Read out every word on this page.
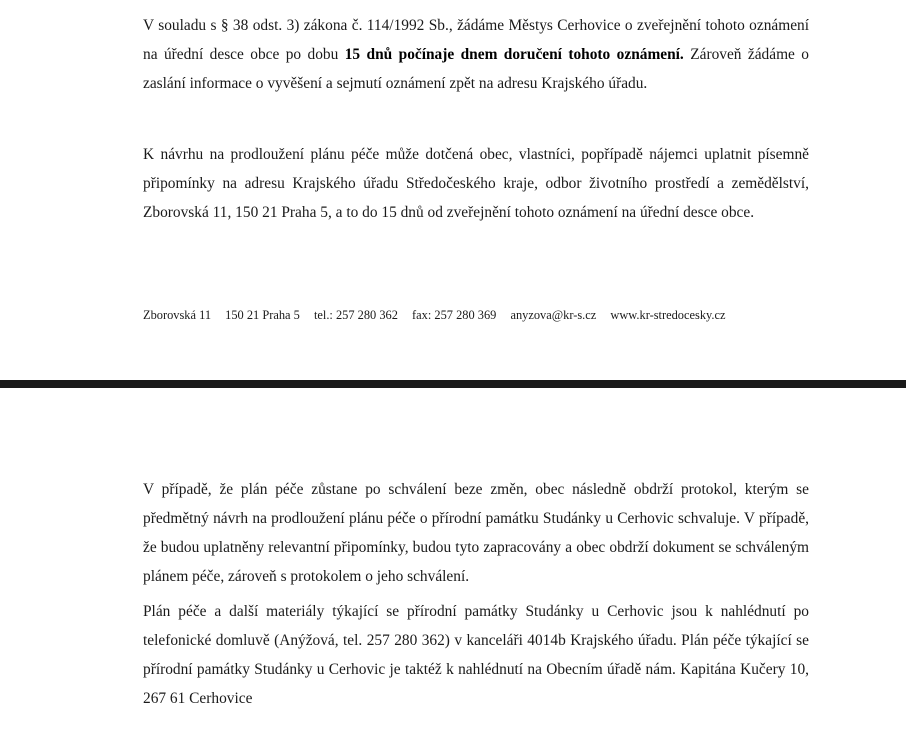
V souladu s § 38 odst. 3) zákona č. 114/1992 Sb., žádáme Městys Cerhovice o zveřejnění tohoto oznámení na úřední desce obce po dobu 15 dnů počínaje dnem doručení tohoto oznámení. Zároveň žádáme o zaslání informace o vyvěšení a sejmutí oznámení zpět na adresu Krajského úřadu.

K návrhu na prodloužení plánu péče může dotčená obec, vlastníci, popřípadě nájemci uplatnit písemně připomínky na adresu Krajského úřadu Středočeského kraje, odbor životního prostředí a zemědělství, Zborovská 11, 150 21 Praha 5, a to do 15 dnů od zveřejnění tohoto oznámení na úřední desce obce.

Zborovská 11 150 21 Praha 5 tel.: 257 280 362 fax: 257 280 369 anyzova@kr-s.cz www.kr-stredocesky.cz

V případě, že plán péče zůstane po schválení beze změn, obec následně obdrží protokol, kterým se předmětný návrh na prodloužení plánu péče o přírodní památku Studánky u Cerhovic schvaluje. V případě, že budou uplatněny relevantní připomínky, budou tyto zapracovány a obec obdrží dokument se schváleným plánem péče, zároveň s protokolem o jeho schválení.

Plán péče a další materiály týkající se přírodní památky Studánky u Cerhovic jsou k nahlédnutí po telefonické domluvě (Anýžová, tel. 257 280 362) v kanceláři 4014b Krajského úřadu. Plán péče týkající se přírodní památky Studánky u Cerhovic je taktéž k nahlédnutí na Obecním úřadě nám. Kapitána Kučery 10, 267 61 Cerhovice
